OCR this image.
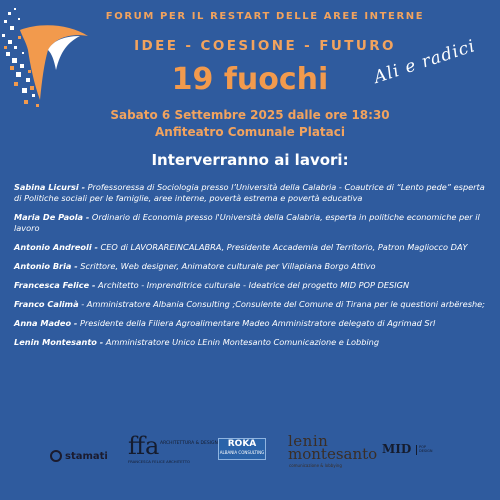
FORUM PER IL RESTART DELLE AREE INTERNE
IDEE - COESIONE - FUTURO
19 fuochi	Ali e radici
Sabato 6 Settembre 2025 dalle ore 18:30
Anfiteatro Comunale Plataci
Interverranno ai lavori:

Sabina Licursi - Professoressa di Sociologia presso l’Università della Calabria - Coautrice di “Lento pede” esperta di Politiche sociali per le famiglie, aree interne, povertà estrema e povertà educativa

Maria De Paola - Ordinario di Economia presso l'Università della Calabria, esperta in politiche economiche per il lavoro

Antonio Andreoli - CEO di LAVORAREINCALABRA, Presidente Accademia del Territorio, Patron Magliocco DAY

Antonio Bria - Scrittore, Web designer, Animatore culturale per Villapiana Borgo Attivo

Francesca Felice - Architetto - Imprenditrice culturale - Ideatrice del progetto MID POP DESIGN

Franco Calimà - Amministratore Albania Consulting ;Consulente del Comune di Tirana per le questioni arbëreshe;

Anna Madeo - Presidente della Filiera Agroalimentare Madeo Amministratore delegato di Agrimad Srl

Lenin Montesanto - Amministratore Unico LEnin Montesanto Comunicazione e Lobbing

stamati ffa ARCHITETTURA & DESIGN
FRANCESCA FELICE ARCHITETTO
ROKA
ALBANIA CONSULTING
lenin
montesanto
comunicazione & lobbying
MID	POP DESIGN
